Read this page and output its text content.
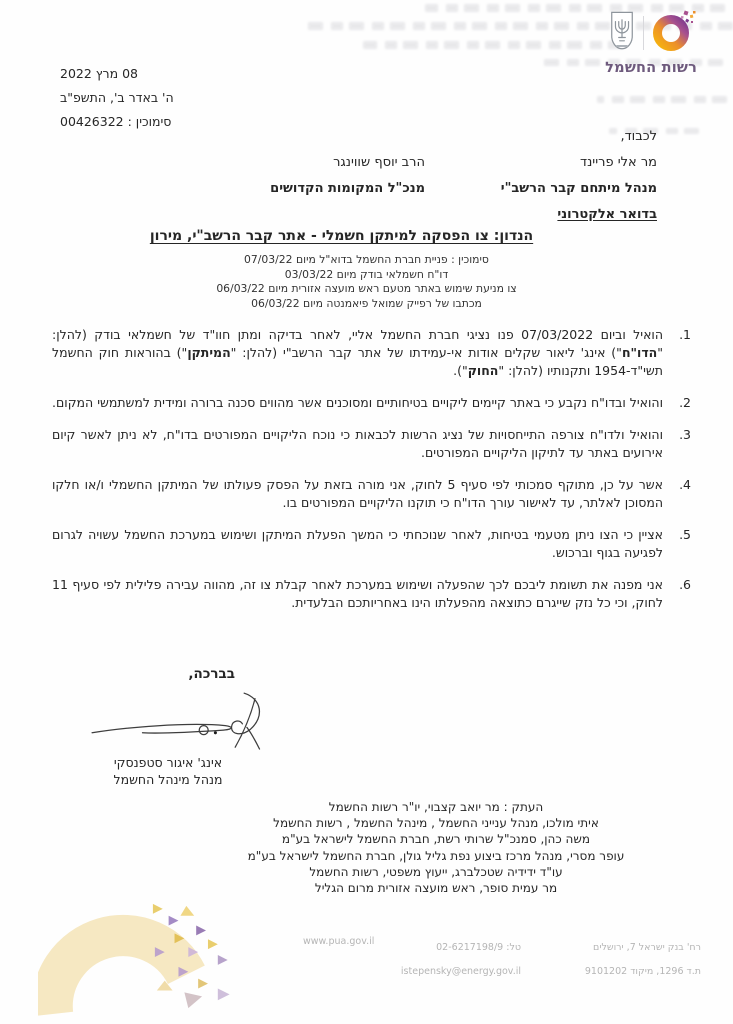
רשות החשמל
08 מרץ 2022
ה' באדר ב', התשפ"ב
סימוכין : 00426322
לכבוד,
מר אלי פריינד
מנהל מיתחם קבר הרשב"י
בדואר אלקטרוני
הרב יוסף שווינגר
מנכ"ל המקומות הקדושים
הנדון: צו הפסקה למיתקן חשמלי - אתר קבר הרשב"י, מירון
סימוכין : פניית חברת החשמל בדוא"ל מיום 07/03/22
דו"ח חשמלאי בודק מיום 03/03/22
צו מניעת שימוש באתר מטעם ראש מועצה אזורית מיום 06/03/22
מכתבו של רפייק שמואל פיאמנטה מיום 06/03/22
1.
הואיל וביום 07/03/2022 פנו נציגי חברת החשמל אליי, לאחר בדיקה ומתן חוו"ד של חשמלאי בודק (להלן: "הדו"ח") אינג' ליאור שקלים אודות אי-עמידתו של אתר קבר הרשב"י (להלן: "המיתקן") בהוראות חוק החשמל תשי"ד-1954 ותקנותיו (להלן: "החוק").
2.
והואיל ובדו"ח נקבע כי באתר קיימים ליקויים בטיחותיים ומסוכנים אשר מהווים סכנה ברורה ומידית למשתמשי המקום.
3.
והואיל ולדו"ח צורפה התייחסויות של נציג הרשות לכבאות כי נוכח הליקויים המפורטים בדו"ח, לא ניתן לאשר קיום אירועים באתר עד לתיקון הליקויים המפורטים.
4.
אשר על כן, מתוקף סמכותי לפי סעיף 5 לחוק, אני מורה בזאת על הפסק פעולתו של המיתקן החשמלי ו/או חלקו המסוכן לאלתר, עד לאישור עורך הדו"ח כי תוקנו הליקויים המפורטים בו.
5.
אציין כי הצו ניתן מטעמי בטיחות, לאחר שנוכחתי כי המשך הפעלת המיתקן ושימוש במערכת החשמל עשויה לגרום לפגיעה בגוף וברכוש.
6.
אני מפנה את תשומת ליבכם לכך שהפעלה ושימוש במערכת לאחר קבלת צו זה, מהווה עבירה פלילית לפי סעיף 11 לחוק, וכי כל נזק שייגרם כתוצאה מהפעלתו הינו באחריותכם הבלעדית.
בברכה,
אינג' איגור סטפנסקי
מנהל מינהל החשמל
העתק : מר יואב קצבוי, יו"ר רשות החשמל
איתי מולכו, מנהל ענייני החשמל , מינהל החשמל , רשות החשמל
משה כהן, סמנכ"ל שרותי רשת, חברת החשמל לישראל בע"מ
עופר מסרי, מנהל מרכז ביצוע נפת גליל גולן, חברת החשמל לישראל בע"מ
עו"ד ידידיה שטכלברג, ייעוץ משפטי, רשות החשמל
מר עמית סופר, ראש מועצה אזורית מרום הגליל
www.pua.gov.il
טל: 02-6217198/9
istepensky@energy.gov.il
רח' בנק ישראל 7, ירושלים
ת.ד 1296, מיקוד 9101202
